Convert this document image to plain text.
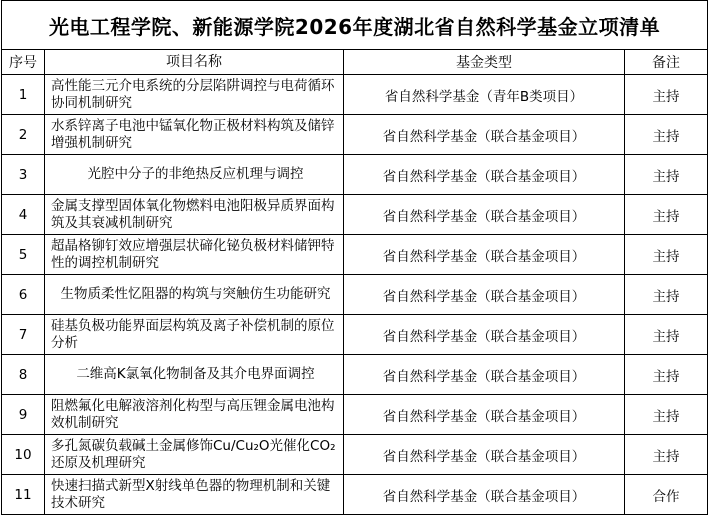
光电工程学院、新能源学院2026年度湖北省自然科学基金立项清单			
序号	项目名称	基金类型	备注
1	高性能三元介电系统的分层陷阱调控与电荷循环协同机制研究	省自然科学基金（青年B类项目）	主持
2	水系锌离子电池中锰氧化物正极材料构筑及储锌增强机制研究	省自然科学基金（联合基金项目）	主持
3	光腔中分子的非绝热反应机理与调控	省自然科学基金（联合基金项目）	主持
4	金属支撑型固体氧化物燃料电池阳极异质界面构筑及其衰减机制研究	省自然科学基金（联合基金项目）	主持
5	超晶格铆钉效应增强层状碲化铋负极材料储钾特性的调控机制研究	省自然科学基金（联合基金项目）	主持
6	生物质柔性忆阻器的构筑与突触仿生功能研究	省自然科学基金（联合基金项目）	主持
7	硅基负极功能界面层构筑及离子补偿机制的原位分析	省自然科学基金（联合基金项目）	主持
8	二维高K氯氧化物制备及其介电界面调控	省自然科学基金（联合基金项目）	主持
9	阻燃氟化电解液溶剂化构型与高压锂金属电池构效机制研究	省自然科学基金（联合基金项目）	主持
10	多孔氮碳负载碱土金属修饰Cu/Cu₂O光催化CO₂还原及机理研究	省自然科学基金（联合基金项目）	主持
11	快速扫描式新型X射线单色器的物理机制和关键技术研究	省自然科学基金（联合基金项目）	合作
